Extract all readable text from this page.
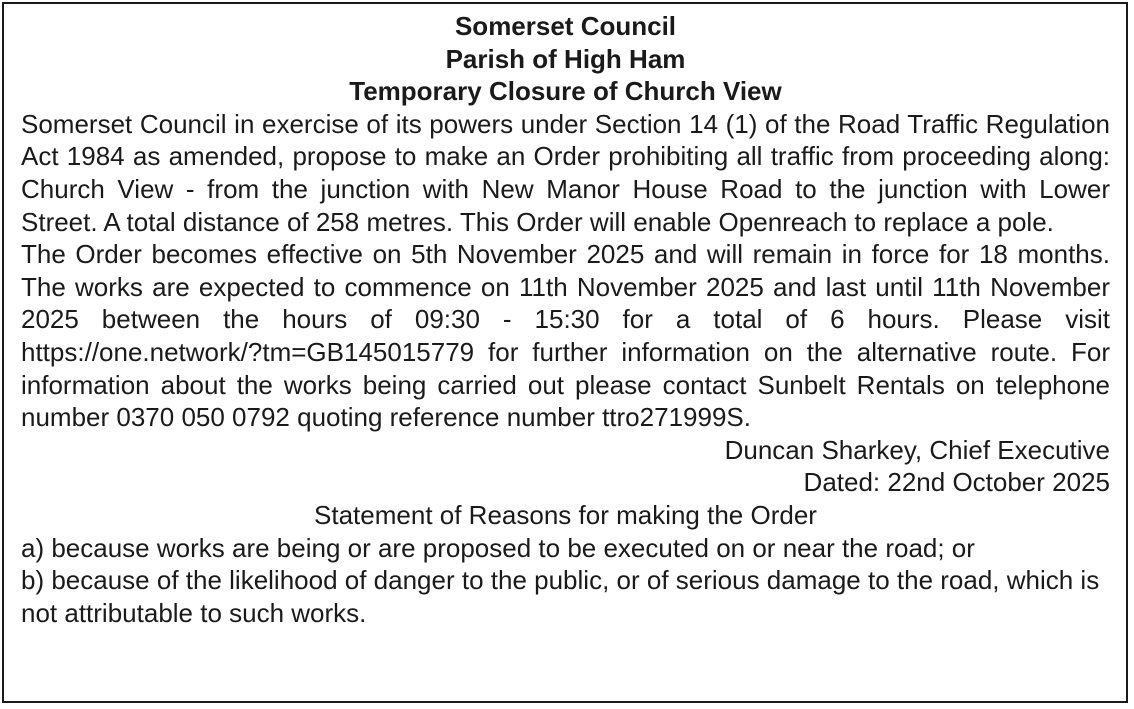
Somerset Council

Parish of High Ham

Temporary Closure of Church View

Somerset Council in exercise of its powers under Section 14 (1) of the Road Traffic Regulation Act 1984 as amended, propose to make an Order prohibiting all traffic from proceeding along: Church View - from the junction with New Manor House Road to the junction with Lower Street. A total distance of 258 metres. This Order will enable Openreach to replace a pole.

The Order becomes effective on 5th November 2025 and will remain in force for 18 months. The works are expected to commence on 11th November 2025 and last until 11th November 2025 between the hours of 09:30 - 15:30 for a total of 6 hours. Please visit https://one.network/?tm=GB145015779 for further information on the alternative route. For information about the works being carried out please contact Sunbelt Rentals on telephone number 0370 050 0792 quoting reference number ttro271999S.

Duncan Sharkey, Chief Executive

Dated: 22nd October 2025

Statement of Reasons for making the Order

a) because works are being or are proposed to be executed on or near the road; or

b) because of the likelihood of danger to the public, or of serious damage to the road, which is not attributable to such works.
